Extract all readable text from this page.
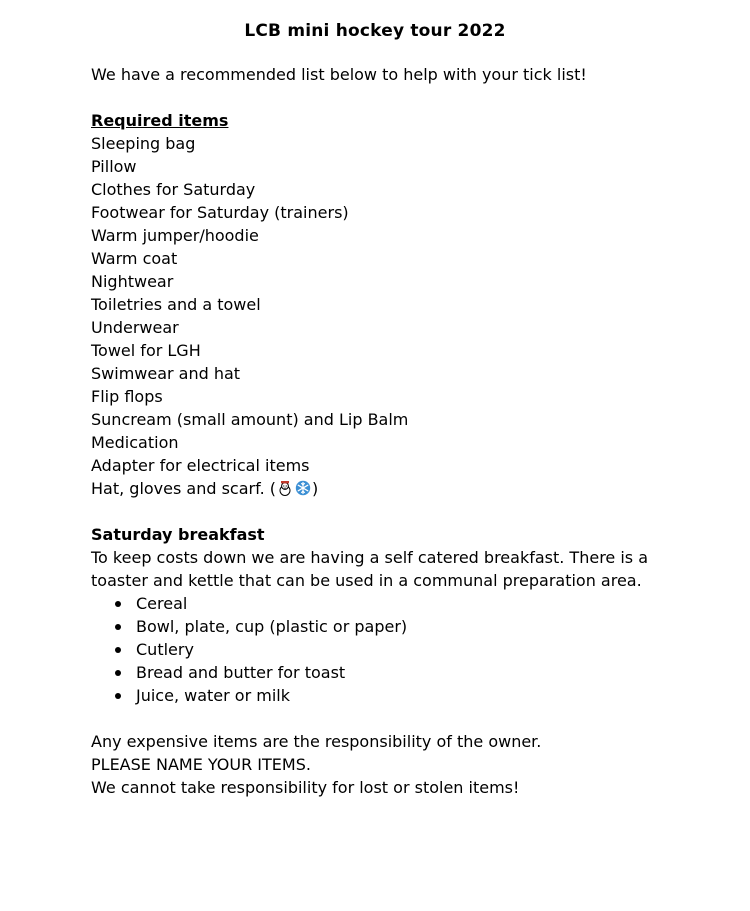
LCB mini hockey tour 2022

We have a recommended list below to help with your tick list!

Required items

Sleeping bag
Pillow
Clothes for Saturday
Footwear for Saturday (trainers)
Warm jumper/hoodie
Warm coat
Nightwear
Toiletries and a towel
Underwear
Towel for LGH
Swimwear and hat
Flip flops
Suncream (small amount) and Lip Balm
Medication
Adapter for electrical items
Hat, gloves and scarf. ( )

Saturday breakfast

To keep costs down we are having a self catered breakfast. There is a toaster and kettle that can be used in a communal preparation area.

Cereal
Bowl, plate, cup (plastic or paper)
Cutlery
Bread and butter for toast
Juice, water or milk

Any expensive items are the responsibility of the owner.

PLEASE NAME YOUR ITEMS.

We cannot take responsibility for lost or stolen items!
